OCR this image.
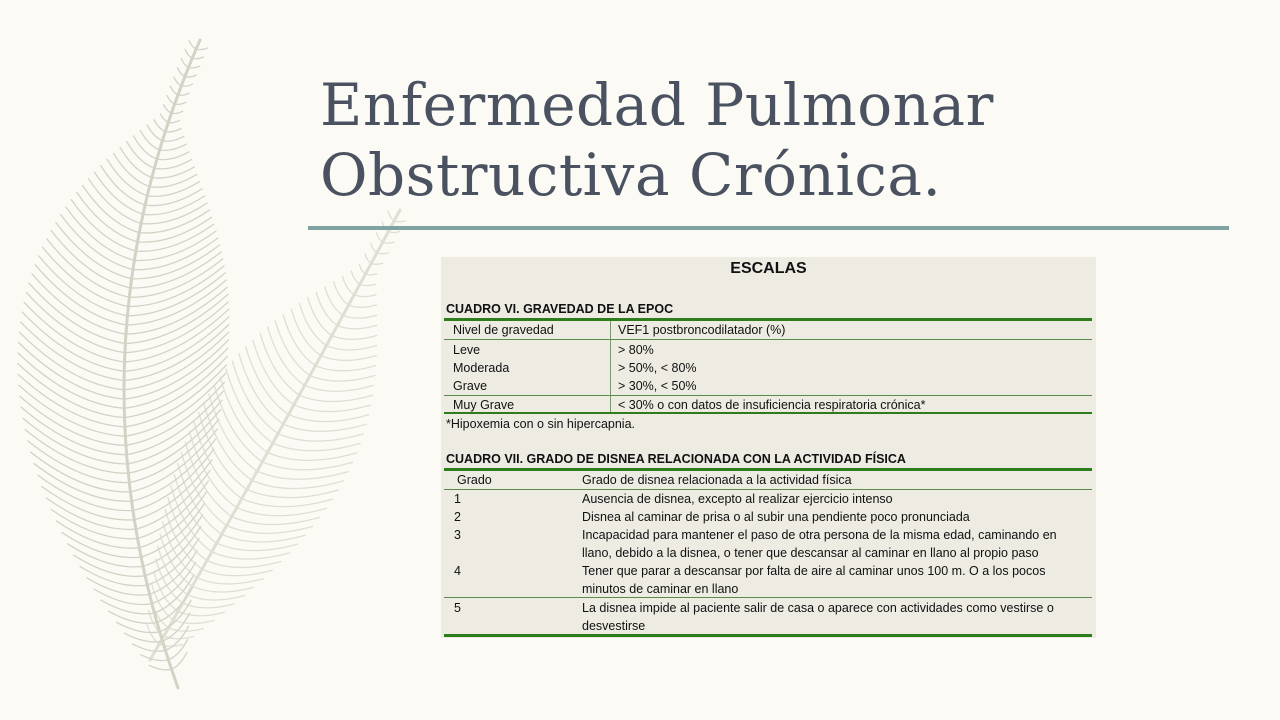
Enfermedad Pulmonar
Obstructiva Crónica.
ESCALAS
CUADRO VI. GRAVEDAD DE LA EPOC
Nivel de gravedad	VEF1 postbroncodilatador (%)
Leve	> 80%
Moderada	> 50%, < 80%
Grave	> 30%, < 50%
Muy Grave	< 30% o con datos de insuficiencia respiratoria crónica*
*Hipoxemia con o sin hipercapnia.
CUADRO VII. GRADO DE DISNEA RELACIONADA CON LA ACTIVIDAD FÍSICA
Grado	Grado de disnea relacionada a la actividad física
1	Ausencia de disnea, excepto al realizar ejercicio intenso
2	Disnea al caminar de prisa o al subir una pendiente poco pronunciada
3	Incapacidad para mantener el paso de otra persona de la misma edad, caminando en llano, debido a la disnea, o tener que descansar al caminar en llano al propio paso
4	Tener que parar a descansar por falta de aire al caminar unos 100 m. O a los pocos minutos de caminar en llano
5	La disnea impide al paciente salir de casa o aparece con actividades como vestirse o desvestirse
